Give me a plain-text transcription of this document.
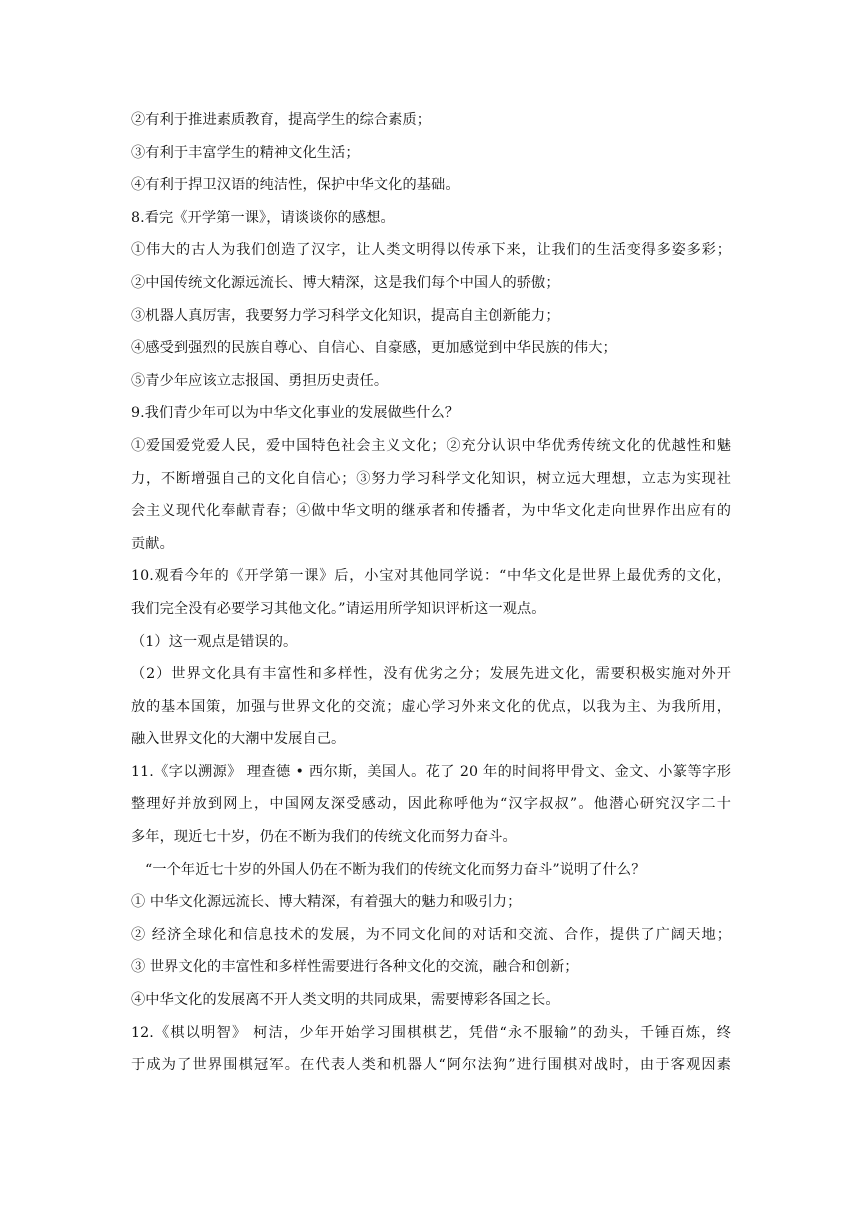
②有利于推进素质教育，提高学生的综合素质；
③有利于丰富学生的精神文化生活；
④有利于捍卫汉语的纯洁性，保护中华文化的基础。
8.看完《开学第一课》，请谈谈你的感想。
①伟大的古人为我们创造了汉字，让人类文明得以传承下来，让我们的生活变得多姿多彩；
②中国传统文化源远流长、博大精深，这是我们每个中国人的骄傲；
③机器人真厉害，我要努力学习科学文化知识，提高自主创新能力；
④感受到强烈的民族自尊心、自信心、自豪感，更加感觉到中华民族的伟大；
⑤青少年应该立志报国、勇担历史责任。
9.我们青少年可以为中华文化事业的发展做些什么？
①爱国爱党爱人民，爱中国特色社会主义文化；②充分认识中华优秀传统文化的优越性和魅
力，不断增强自己的文化自信心；③努力学习科学文化知识，树立远大理想，立志为实现社
会主义现代化奉献青春；④做中华文明的继承者和传播者，为中华文化走向世界作出应有的
贡献。
10.观看今年的《开学第一课》后，小宝对其他同学说：“中华文化是世界上最优秀的文化，
我们完全没有必要学习其他文化。”请运用所学知识评析这一观点。
（1）这一观点是错误的。
（2）世界文化具有丰富性和多样性，没有优劣之分；发展先进文化，需要积极实施对外开
放的基本国策，加强与世界文化的交流；虚心学习外来文化的优点，以我为主、为我所用，
融入世界文化的大潮中发展自己。
11.《字以溯源》 理查德 • 西尔斯，美国人。花了 20 年的时间将甲骨文、金文、小篆等字形
整理好并放到网上，中国网友深受感动，因此称呼他为“汉字叔叔”。他潜心研究汉字二十
多年，现近七十岁，仍在不断为我们的传统文化而努力奋斗。
“一个年近七十岁的外国人仍在不断为我们的传统文化而努力奋斗”说明了什么？
① 中华文化源远流长、博大精深，有着强大的魅力和吸引力；
② 经济全球化和信息技术的发展，为不同文化间的对话和交流、合作，提供了广阔天地；
③ 世界文化的丰富性和多样性需要进行各种文化的交流，融合和创新；
④中华文化的发展离不开人类文明的共同成果，需要博彩各国之长。
12.《棋以明智》 柯洁，少年开始学习围棋棋艺，凭借“永不服输”的劲头，千锤百炼，终
于成为了世界围棋冠军。在代表人类和机器人“阿尔法狗”进行围棋对战时，由于客观因素
